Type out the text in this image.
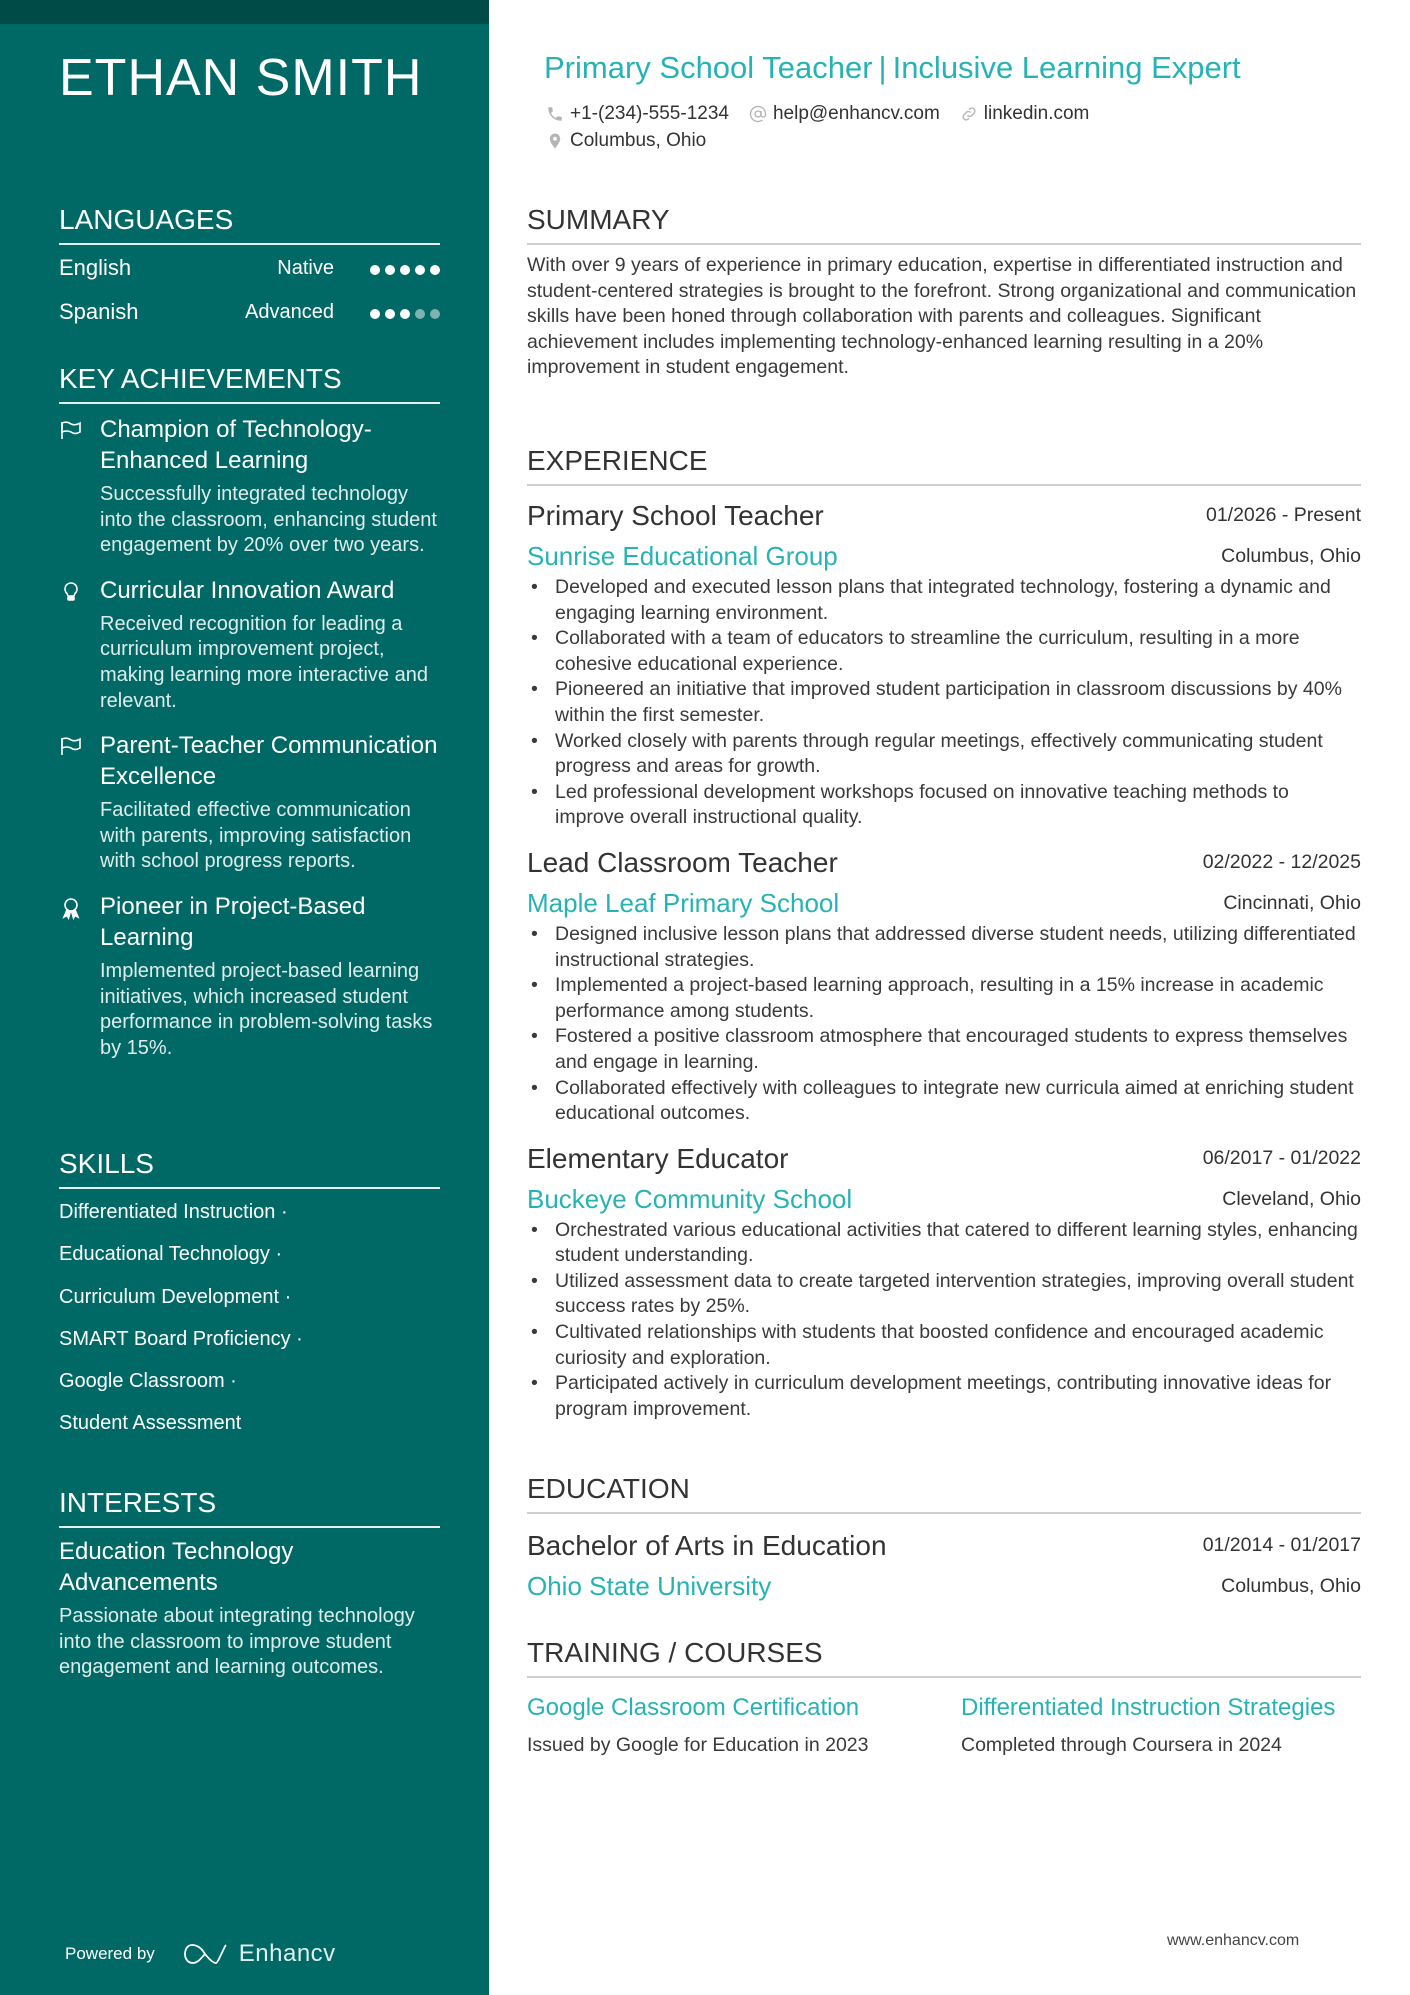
ETHAN SMITH
LANGUAGES
English	Native
Spanish	Advanced
KEY ACHIEVEMENTS
Champion of Technology-Enhanced Learning
Successfully integrated technology into the classroom, enhancing student engagement by 20% over two years.
Curricular Innovation Award
Received recognition for leading a curriculum improvement project, making learning more interactive and relevant.
Parent-Teacher Communication Excellence
Facilitated effective communication with parents, improving satisfaction with school progress reports.
Pioneer in Project-Based Learning
Implemented project-based learning initiatives, which increased student performance in problem-solving tasks by 15%.
SKILLS
Differentiated Instruction ·
Educational Technology ·
Curriculum Development ·
SMART Board Proficiency ·
Google Classroom ·
Student Assessment
INTERESTS
Education Technology Advancements
Passionate about integrating technology into the classroom to improve student engagement and learning outcomes.
Powered by	Enhancv
Primary School Teacher | Inclusive Learning Expert
+1-(234)-555-1234 help@enhancv.com linkedin.com
Columbus, Ohio
SUMMARY
With over 9 years of experience in primary education, expertise in differentiated instruction and student-centered strategies is brought to the forefront. Strong organizational and communication skills have been honed through collaboration with parents and colleagues. Significant achievement includes implementing technology-enhanced learning resulting in a 20% improvement in student engagement.
EXPERIENCE
Primary School Teacher	01/2026 - Present
Sunrise Educational Group	Columbus, Ohio
• Developed and executed lesson plans that integrated technology, fostering a dynamic and engaging learning environment.
• Collaborated with a team of educators to streamline the curriculum, resulting in a more cohesive educational experience.
• Pioneered an initiative that improved student participation in classroom discussions by 40% within the first semester.
• Worked closely with parents through regular meetings, effectively communicating student progress and areas for growth.
• Led professional development workshops focused on innovative teaching methods to improve overall instructional quality.
Lead Classroom Teacher	02/2022 - 12/2025
Maple Leaf Primary School	Cincinnati, Ohio
• Designed inclusive lesson plans that addressed diverse student needs, utilizing differentiated instructional strategies.
• Implemented a project-based learning approach, resulting in a 15% increase in academic performance among students.
• Fostered a positive classroom atmosphere that encouraged students to express themselves and engage in learning.
• Collaborated effectively with colleagues to integrate new curricula aimed at enriching student educational outcomes.
Elementary Educator	06/2017 - 01/2022
Buckeye Community School	Cleveland, Ohio
• Orchestrated various educational activities that catered to different learning styles, enhancing student understanding.
• Utilized assessment data to create targeted intervention strategies, improving overall student success rates by 25%.
• Cultivated relationships with students that boosted confidence and encouraged academic curiosity and exploration.
• Participated actively in curriculum development meetings, contributing innovative ideas for program improvement.
EDUCATION
Bachelor of Arts in Education	01/2014 - 01/2017
Ohio State University	Columbus, Ohio
TRAINING / COURSES
Google Classroom Certification
Issued by Google for Education in 2023
Differentiated Instruction Strategies
Completed through Coursera in 2024
www.enhancv.com
